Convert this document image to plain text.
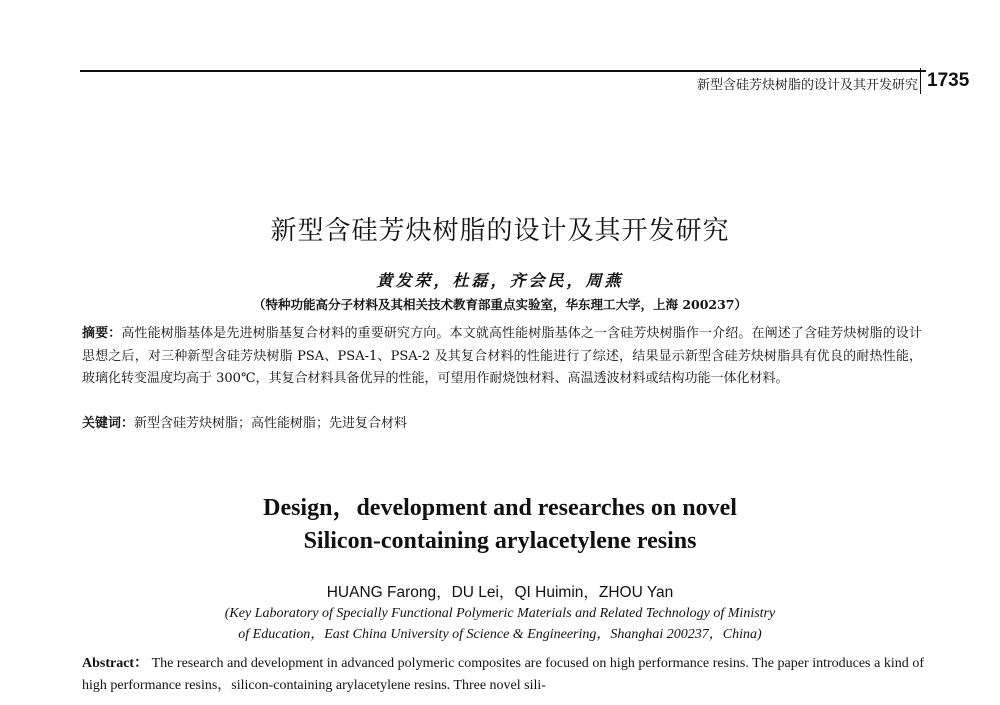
新型含硅芳炔树脂的设计及其开发研究 1735
新型含硅芳炔树脂的设计及其开发研究
黄发荣，杜磊，齐会民，周燕
（特种功能高分子材料及其相关技术教育部重点实验室，华东理工大学，上海 200237）
摘要：高性能树脂基体是先进树脂基复合材料的重要研究方向。本文就高性能树脂基体之一含硅芳炔树脂作一介绍。在阐述了含硅芳炔树脂的设计思想之后，对三种新型含硅芳炔树脂 PSA、PSA-1、PSA-2 及其复合材料的性能进行了综述，结果显示新型含硅芳炔树脂具有优良的耐热性能，玻璃化转变温度均高于 300℃，其复合材料具备优异的性能，可望用作耐烧蚀材料、高温透波材料或结构功能一体化材料。
关键词：新型含硅芳炔树脂；高性能树脂；先进复合材料
Design，development and researches on novel
Silicon-containing arylacetylene resins
HUANG Farong，DU Lei，QI Huimin，ZHOU Yan
(Key Laboratory of Specially Functional Polymeric Materials and Related Technology of Ministry
of Education，East China University of Science & Engineering，Shanghai 200237，China)
Abstract： The research and development in advanced polymeric composites are focused on high performance resins. The paper introduces a kind of high performance resins，silicon-containing arylacetylene resins. Three novel sili-
